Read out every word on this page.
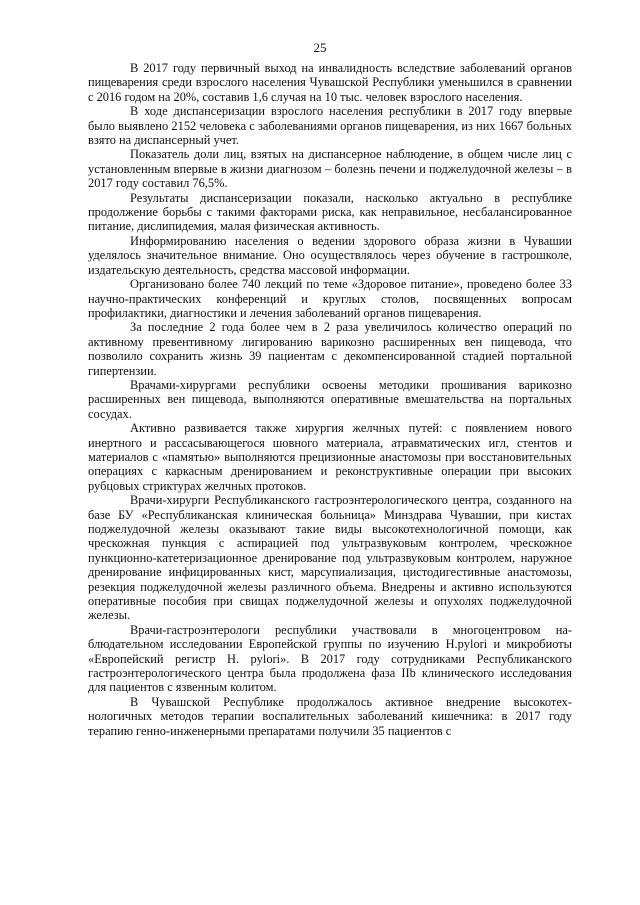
25

В 2017 году первичный выход на инвалидность вследствие заболеваний органов пищеварения среди взрослого населения Чувашской Республики уменьшился в сравнении с 2016 годом на 20%, составив 1,6 случая на 10 тыс. человек взрослого населения.

В ходе диспансеризации взрослого населения республики в 2017 году впервые было выявлено 2152 человека с заболеваниями органов пищеварения, из них 1667 больных взято на диспансерный учет.

Показатель доли лиц, взятых на диспансерное наблюдение, в общем числе лиц с установленным впервые в жизни диагнозом – болезнь печени и поджелудочной железы – в 2017 году составил 76,5%.

Результаты диспансеризации показали, насколько актуально в республике продолжение борьбы с такими факторами риска, как неправильное, несбалансированное питание, дислипидемия, малая физическая активность.

Информированию населения о ведении здорового образа жизни в Чувашии уделялось значительное внимание. Оно осуществлялось через обучение в гастрошколе, издательскую деятельность, средства массовой информации.

Организовано более 740 лекций по теме «Здоровое питание», проведено более 33 научно-практических конференций и круглых столов, посвященных вопросам профилактики, диагностики и лечения заболеваний органов пищеварения.

За последние 2 года более чем в 2 раза увеличилось количество операций по активному превентивному лигированию варикозно расширенных вен пищевода, что позволило сохранить жизнь 39 пациентам с декомпенсированной стадией портальной гипертензии.

Врачами-хирургами республики освоены методики прошивания варикозно расширенных вен пищевода, выполняются оперативные вмешательства на портальных сосудах.

Активно развивается также хирургия желчных путей: с появлением нового инертного и рассасывающегося шовного материала, атравматических игл, стентов и материалов с «памятью» выполняются прецизионные анастомозы при восстановительных операциях с каркасным дренированием и реконструктивные операции при высоких рубцовых стриктурах желчных протоков.

Врачи-хирурги Республиканского гастроэнтерологического центра, созданного на базе БУ «Республиканская клиническая больница» Минздрава Чувашии, при кистах поджелудочной железы оказывают такие виды высокотехнологичной помощи, как чрескожная пункция с аспирацией под ультразвуковым контролем, чрескожное пункционно-катетеризационное дренирование под ультразвуковым контролем, наружное дренирование инфицированных кист, марсупиализация, цистодигестивные анастомозы, резекция поджелудочной железы различного объема. Внедрены и активно используются оперативные пособия при свищах поджелудочной железы и опухолях поджелудочной железы.

Врачи-гастроэнтерологи республики участвовали в многоцентровом наблюдательном исследовании Европейской группы по изучению H.pylori и микробиоты «Европейский регистр H. pylori». В 2017 году сотрудниками Республиканского гастроэнтерологического центра была продолжена фаза IIb клинического исследования для пациентов с язвенным колитом.

В Чувашской Республике продолжалось активное внедрение высокотехнологичных методов терапии воспалительных заболеваний кишечника: в 2017 году терапию генно-инженерными препаратами получили 35 пациентов с
